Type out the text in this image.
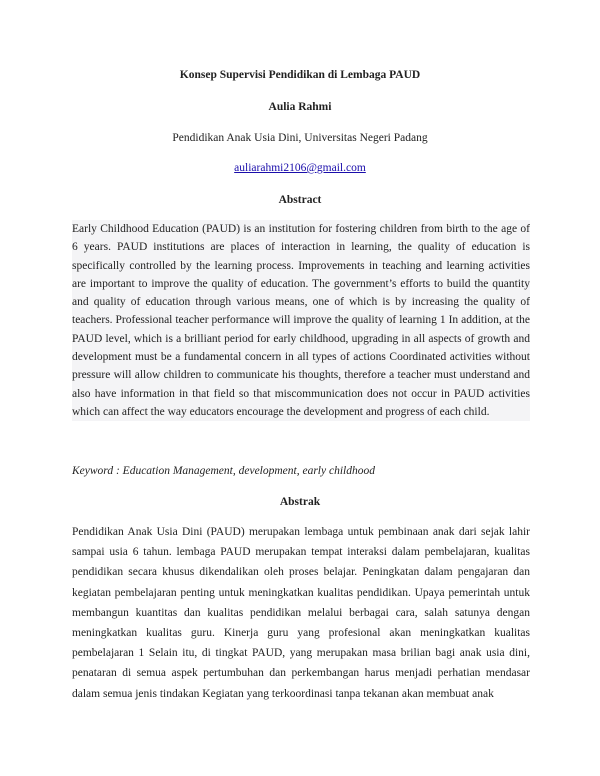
Konsep Supervisi Pendidikan di Lembaga PAUD
Aulia Rahmi
Pendidikan Anak Usia Dini, Universitas Negeri Padang
auliarahmi2106@gmail.com
Abstract
Early Childhood Education (PAUD) is an institution for fostering children from birth to the age of 6 years. PAUD institutions are places of interaction in learning, the quality of education is specifically controlled by the learning process. Improvements in teaching and learning activities are important to improve the quality of education. The government’s efforts to build the quantity and quality of education through various means, one of which is by increasing the quality of teachers. Professional teacher performance will improve the quality of learning 1 In addition, at the PAUD level, which is a brilliant period for early childhood, upgrading in all aspects of growth and development must be a fundamental concern in all types of actions Coordinated activities without pressure will allow children to communicate his thoughts, therefore a teacher must understand and also have information in that field so that miscommunication does not occur in PAUD activities which can affect the way educators encourage the development and progress of each child.
Keyword : Education Management, development, early childhood
Abstrak
Pendidikan Anak Usia Dini (PAUD) merupakan lembaga untuk pembinaan anak dari sejak lahir sampai usia 6 tahun. lembaga PAUD merupakan tempat interaksi dalam pembelajaran, kualitas pendidikan secara khusus dikendalikan oleh proses belajar. Peningkatan dalam pengajaran dan kegiatan pembelajaran penting untuk meningkatkan kualitas pendidikan. Upaya pemerintah untuk membangun kuantitas dan kualitas pendidikan melalui berbagai cara, salah satunya dengan meningkatkan kualitas guru. Kinerja guru yang profesional akan meningkatkan kualitas pembelajaran 1 Selain itu, di tingkat PAUD, yang merupakan masa brilian bagi anak usia dini, penataran di semua aspek pertumbuhan dan perkembangan harus menjadi perhatian mendasar dalam semua jenis tindakan Kegiatan yang terkoordinasi tanpa tekanan akan membuat anak
